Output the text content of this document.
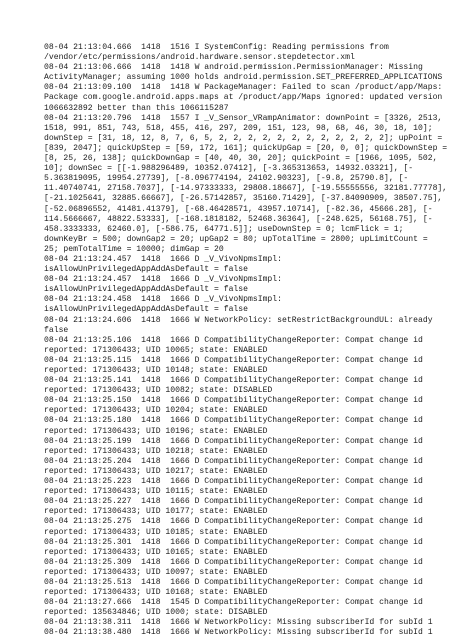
08-04 21:13:04.666  1418  1516 I SystemConfig: Reading permissions from
/vendor/etc/permissions/android.hardware.sensor.stepdetector.xml
08-04 21:13:06.666  1418  1418 W android.permission.PermissionManager: Missing
ActivityManager; assuming 1000 holds android.permission.SET_PREFERRED_APPLICATIONS
08-04 21:13:09.100  1418  1418 W PackageManager: Failed to scan /product/app/Maps:
Package com.google.android.apps.maps at /product/app/Maps ignored: updated version
1066632892 better than this 1066115287
08-04 21:13:20.796  1418  1557 I _V_Sensor_VRampAnimator: downPoint = [3326, 2513,
1518, 991, 851, 743, 518, 455, 416, 297, 209, 151, 123, 98, 68, 46, 30, 18, 10];
downStep = [31, 18, 12, 8, 7, 6, 5, 2, 2, 2, 2, 2, 2, 2, 2, 2, 2, 2, 2]; upPoint =
[839, 2047]; quickUpStep = [59, 172, 161]; quickUpGap = [20, 0, 0]; quickDownStep =
[8, 25, 26, 138]; quickDownGap = [40, 40, 30, 20]; quickPoint = [1966, 1095, 502,
10]; downSec = [[-1.988296489, 10352.07412], [-3.365313653, 14932.03321], [-
5.363819095, 19954.27739], [-8.096774194, 24102.90323], [-9.8, 25790.8], [-
11.40740741, 27158.7037], [-14.97333333, 29808.18667], [-19.55555556, 32181.77778],
[-21.1025641, 32885.66667], [-26.57142857, 35160.71429], [-37.84090909, 38507.75],
[-52.06896552, 41481.41379], [-68.46428571, 43957.10714], [-82.36, 45666.28], [-
114.5666667, 48822.53333], [-168.1818182, 52468.36364], [-248.625, 56168.75], [-
458.3333333, 62460.0], [-586.75, 64771.5]]; useDownStep = 0; lcmFlick = 1;
downKeyBr = 500; downGap2 = 20; upGap2 = 80; upTotalTime = 2800; upLimitCount =
25; pemTotalTime = 10000; dimGap = 20
08-04 21:13:24.457  1418  1666 D _V_VivoNpmsImpl:
isAllowUnPrivilegedAppAddAsDefault = false
08-04 21:13:24.457  1418  1666 D _V_VivoNpmsImpl:
isAllowUnPrivilegedAppAddAsDefault = false
08-04 21:13:24.458  1418  1666 D _V_VivoNpmsImpl:
isAllowUnPrivilegedAppAddAsDefault = false
08-04 21:13:24.606  1418  1666 W NetworkPolicy: setRestrictBackgroundUL: already
false
08-04 21:13:25.106  1418  1666 D CompatibilityChangeReporter: Compat change id
reported: 171306433; UID 10065; state: ENABLED
08-04 21:13:25.115  1418  1666 D CompatibilityChangeReporter: Compat change id
reported: 171306433; UID 10148; state: ENABLED
08-04 21:13:25.141  1418  1666 D CompatibilityChangeReporter: Compat change id
reported: 171306433; UID 10082; state: DISABLED
08-04 21:13:25.150  1418  1666 D CompatibilityChangeReporter: Compat change id
reported: 171306433; UID 10204; state: ENABLED
08-04 21:13:25.180  1418  1666 D CompatibilityChangeReporter: Compat change id
reported: 171306433; UID 10196; state: ENABLED
08-04 21:13:25.199  1418  1666 D CompatibilityChangeReporter: Compat change id
reported: 171306433; UID 10218; state: ENABLED
08-04 21:13:25.204  1418  1666 D CompatibilityChangeReporter: Compat change id
reported: 171306433; UID 10217; state: ENABLED
08-04 21:13:25.223  1418  1666 D CompatibilityChangeReporter: Compat change id
reported: 171306433; UID 10115; state: ENABLED
08-04 21:13:25.227  1418  1666 D CompatibilityChangeReporter: Compat change id
reported: 171306433; UID 10177; state: ENABLED
08-04 21:13:25.275  1418  1666 D CompatibilityChangeReporter: Compat change id
reported: 171306433; UID 10185; state: ENABLED
08-04 21:13:25.301  1418  1666 D CompatibilityChangeReporter: Compat change id
reported: 171306433; UID 10165; state: ENABLED
08-04 21:13:25.309  1418  1666 D CompatibilityChangeReporter: Compat change id
reported: 171306433; UID 10097; state: ENABLED
08-04 21:13:25.513  1418  1666 D CompatibilityChangeReporter: Compat change id
reported: 171306433; UID 10168; state: ENABLED
08-04 21:13:27.666  1418  1545 D CompatibilityChangeReporter: Compat change id
reported: 135634846; UID 1000; state: DISABLED
08-04 21:13:38.311  1418  1666 W NetworkPolicy: Missing subscriberId for subId 1
08-04 21:13:38.480  1418  1666 W NetworkPolicy: Missing subscriberId for subId 1
